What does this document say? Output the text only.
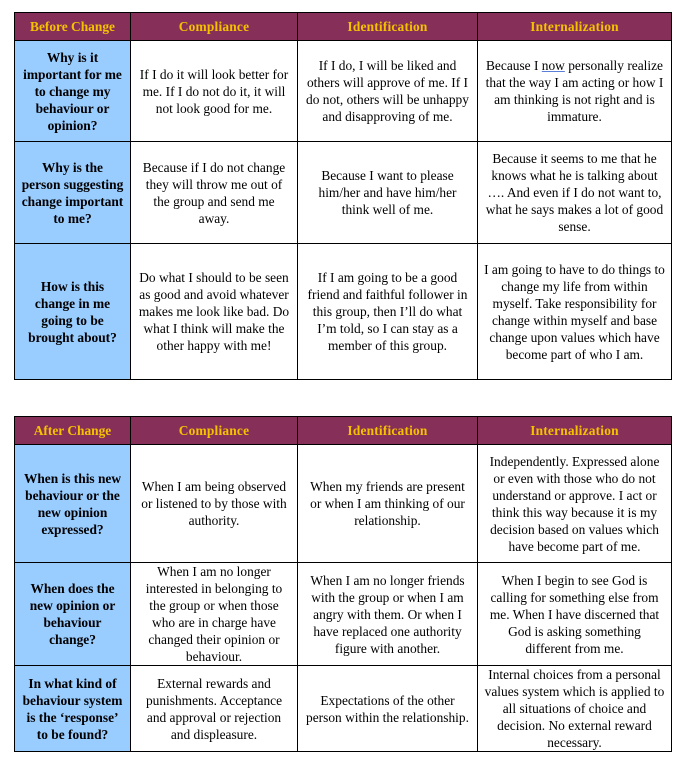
Before Change	Compliance	Identification	Internalization
Why is it important for me to change my behaviour or opinion?	If I do it will look better for me. If I do not do it, it will not look good for me.	If I do, I will be liked and others will approve of me. If I do not, others will be unhappy and disapproving of me.	Because I now personally realize that the way I am acting or how I am thinking is not right and is immature.
Why is the person suggesting change important to me?	Because if I do not change they will throw me out of the group and send me away.	Because I want to please him/her and have him/her think well of me.	Because it seems to me that he knows what he is talking about …. And even if I do not want to, what he says makes a lot of good sense.
How is this change in me going to be brought about?	Do what I should to be seen as good and avoid whatever makes me look like bad. Do what I think will make the other happy with me!	If I am going to be a good friend and faithful follower in this group, then I’ll do what I’m told, so I can stay as a member of this group.	I am going to have to do things to change my life from within myself. Take responsibility for change within myself and base change upon values which have become part of who I am.
After Change	Compliance	Identification	Internalization
When is this new behaviour or the new opinion expressed?	When I am being observed or listened to by those with authority.	When my friends are present or when I am thinking of our relationship.	Independently. Expressed alone or even with those who do not understand or approve. I act or think this way because it is my decision based on values which have become part of me.
When does the new opinion or behaviour change?	When I am no longer interested in belonging to the group or when those who are in charge have changed their opinion or behaviour.	When I am no longer friends with the group or when I am angry with them. Or when I have replaced one authority figure with another.	When I begin to see God is calling for something else from me. When I have discerned that God is asking something different from me.
In what kind of behaviour system is the ‘response’ to be found?	External rewards and punishments. Acceptance and approval or rejection and displeasure.	Expectations of the other person within the relationship.	Internal choices from a personal values system which is applied to all situations of choice and decision. No external reward necessary.
